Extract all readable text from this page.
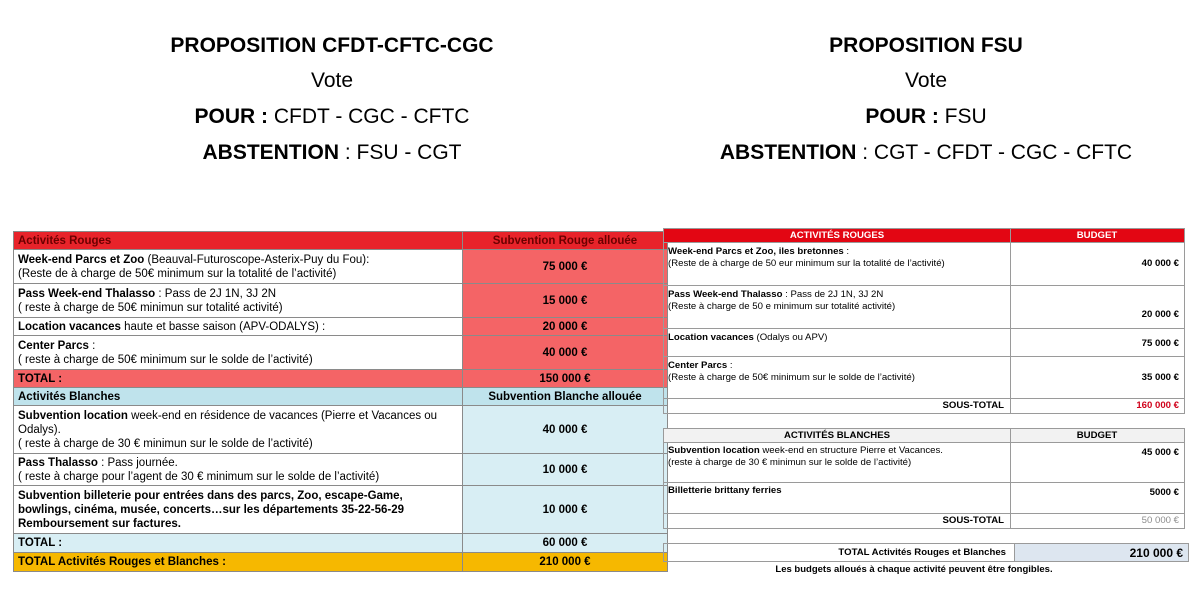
PROPOSITION CFDT-CFTC-CGC
Vote
POUR : CFDT - CGC - CFTC
ABSTENTION : FSU - CGT
PROPOSITION FSU
Vote
POUR : FSU
ABSTENTION : CGT - CFDT - CGC - CFTC
Activités Rouges	Subvention Rouge allouée
Week-end Parcs et Zoo (Beauval-Futuroscope-Asterix-Puy du Fou):
(Reste de à charge de 50€ minimum sur la totalité de l’activité)	75 000 €
Pass Week-end Thalasso : Pass de 2J 1N, 3J 2N
( reste à charge de 50€ minimun sur totalité activité)	15 000 €
Location vacances haute et basse saison (APV-ODALYS) :	20 000 €
Center Parcs :
( reste à charge de 50€ minimum sur le solde de l’activité)	40 000 €
TOTAL :	150 000 €
Activités Blanches	Subvention Blanche allouée
Subvention location week-end en résidence de vacances (Pierre et Vacances ou Odalys).
( reste à charge de 30 € minimun sur le solde de l’activité)	40 000 €
Pass Thalasso : Pass journée.
( reste à charge pour l’agent de 30 € minimum sur le solde de l’activité)	10 000 €
Subvention billeterie pour entrées dans des parcs, Zoo, escape-Game, bowlings, cinéma, musée, concerts…sur les départements 35-22-56-29 Remboursement sur factures.	10 000 €
TOTAL :	60 000 €
TOTAL Activités Rouges et Blanches :	210 000 €
ACTIVITÉS ROUGES	BUDGET
Week-end Parcs et Zoo, iles bretonnes :
(Reste de à charge de 50 eur minimum sur la totalité de l’activité)	40 000 €
Pass Week-end Thalasso : Pass de 2J 1N, 3J 2N
(Reste à charge de 50 e minimum sur totalité activité)	20 000 €
Location vacances (Odalys ou APV)	75 000 €
Center Parcs :
(Reste à charge de 50€ minimum sur le solde de l’activité)	35 000 €
SOUS-TOTAL	160 000 €
ACTIVITÉS BLANCHES	BUDGET
Subvention location week-end en structure Pierre et Vacances.
(reste à charge de 30 € minimun sur le solde de l’activité)	45 000 €
Billetterie brittany ferries	5000 €
SOUS-TOTAL	50 000 €
TOTAL Activités Rouges et Blanches	210 000 €
Les budgets alloués à chaque activité peuvent être fongibles.
